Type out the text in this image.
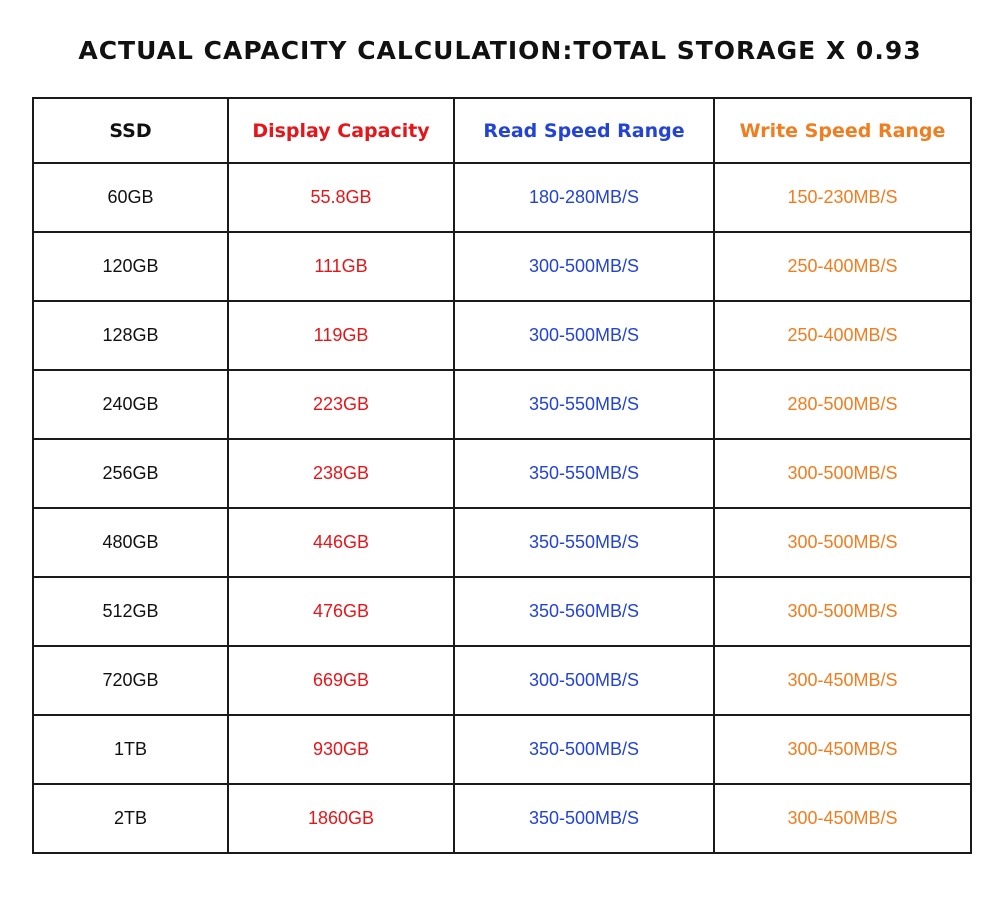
ACTUAL CAPACITY CALCULATION:TOTAL STORAGE X 0.93
SSD	Display Capacity	Read Speed Range	Write Speed Range
60GB	55.8GB	180-280MB/S	150-230MB/S
120GB	111GB	300-500MB/S	250-400MB/S
128GB	119GB	300-500MB/S	250-400MB/S
240GB	223GB	350-550MB/S	280-500MB/S
256GB	238GB	350-550MB/S	300-500MB/S
480GB	446GB	350-550MB/S	300-500MB/S
512GB	476GB	350-560MB/S	300-500MB/S
720GB	669GB	300-500MB/S	300-450MB/S
1TB	930GB	350-500MB/S	300-450MB/S
2TB	1860GB	350-500MB/S	300-450MB/S
